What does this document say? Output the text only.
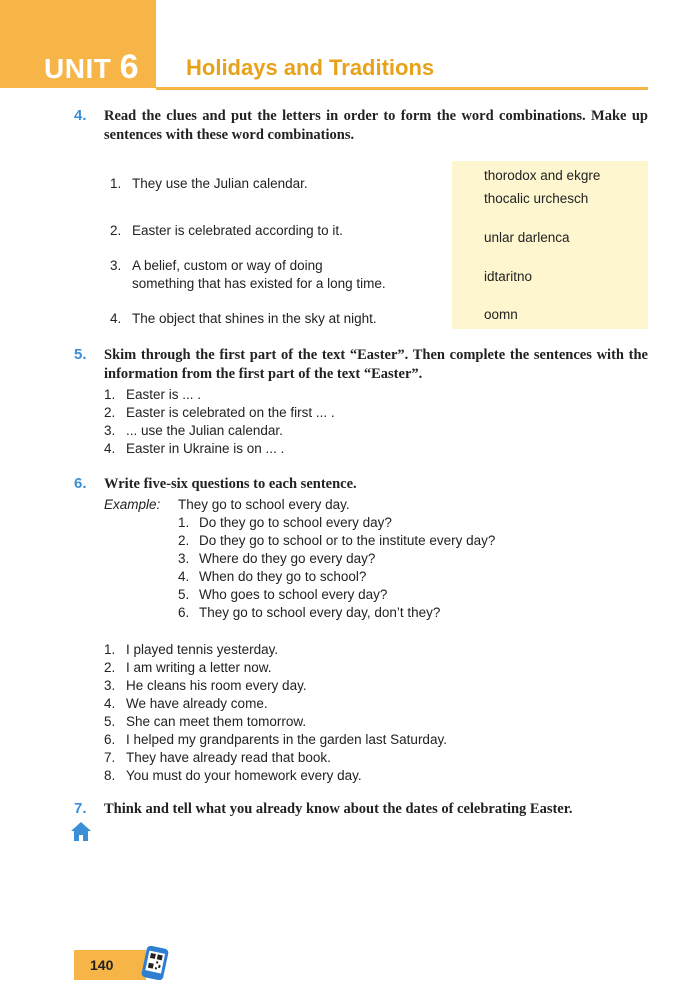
UNIT 6 Holidays and Traditions
4. Read the clues and put the letters in order to form the word combinations. Make up sentences with these word combinations.
1. They use the Julian calendar.
2. Easter is celebrated according to it.
3. A belief, custom or way of doing
something that has existed for a long time.
4. The object that shines in the sky at night.
thorodox and ekgre
thocalic urchesch
unlar darlenca
idtaritno
oomn
5. Skim through the first part of the text “Easter”. Then complete the sentences with the information from the first part of the text “Easter”.
1. Easter is ... .
2. Easter is celebrated on the first ... .
3. ... use the Julian calendar.
4. Easter in Ukraine is on ... .
6. Write five-six questions to each sentence.
Example: They go to school every day.
1. Do they go to school every day?
2. Do they go to school or to the institute every day?
3. Where do they go every day?
4. When do they go to school?
5. Who goes to school every day?
6. They go to school every day, don’t they?
1. I played tennis yesterday.
2. I am writing a letter now.
3. He cleans his room every day.
4. We have already come.
5. She can meet them tomorrow.
6. I helped my grandparents in the garden last Saturday.
7. They have already read that book.
8. You must do your homework every day.
7. Think and tell what you already know about the dates of celebrating Easter.
140
